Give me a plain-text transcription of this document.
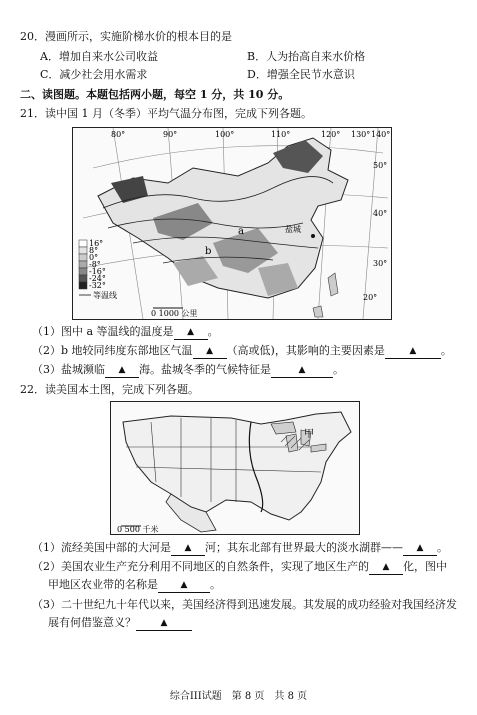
20．漫画所示，实施阶梯水价的根本目的是
A．增加自来水公司收益	B．人为抬高自来水价格
C．减少社会用水需求	D．增强全民节水意识
二、读图题。本题包括两小题，每空 1 分，共 10 分。
21．读中国 1 月（冬季）平均气温分布图，完成下列各题。
80°	90°	100°	110°	120° 130° 140°
50°
40°
30°
20°
a
b
盐城
16°
8°
0°
-8°
-16°
-24°
-32°
等温线
0 1000 公里
（1）图中 a 等温线的温度是 ▲ 。
（2）b 地较同纬度东部地区气温 ▲ （高或低)，其影响的主要因素是	▲ 。
（3）盐城濒临 ▲ 海。盐城冬季的气候特征是	▲	。
22．读美国本土图，完成下列各题。
甲
0 500 千米
（1）流经美国中部的大河是 ▲ 河；其东北部有世界最大的淡水湖群—— ▲ 。
（2）美国农业生产充分利用不同地区的自然条件，实现了地区生产的 ▲ 化，图中
甲地区农业带的名称是	▲ 。
（3）二十世纪九十年代以来，美国经济得到迅速发展。其发展的成功经验对我国经济发
展有何借鉴意义？	▲
综合III试题　第 8 页　共 8 页
